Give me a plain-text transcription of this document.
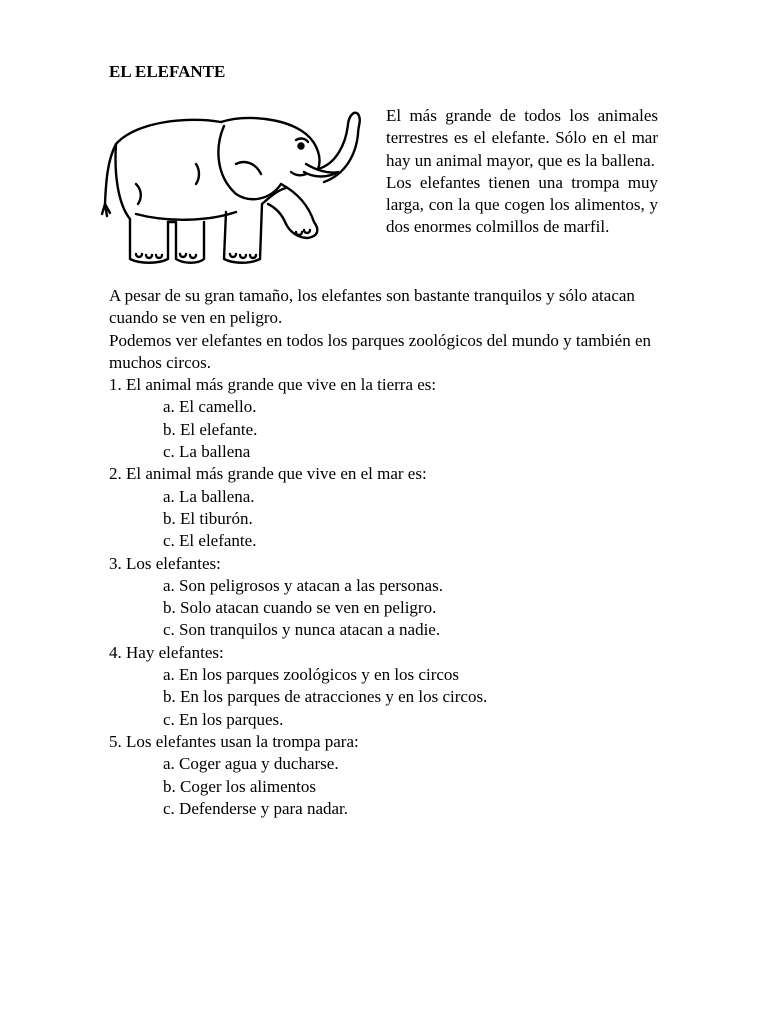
EL ELEFANTE

El más grande de todos los animales terrestres es el elefante. Sólo en el mar hay un animal mayor, que es la ballena.

Los elefantes tienen una trompa muy larga, con la que cogen los alimentos, y dos enormes colmillos de marfil.

A pesar de su gran tamaño, los elefantes son bastante tranquilos y sólo atacan cuando se ven en peligro.

Podemos ver elefantes en todos los parques zoológicos del mundo y también en muchos circos.

1. El animal más grande que vive en la tierra es:

a. El camello.

b. El elefante.

c. La ballena

2. El animal más grande que vive en el mar es:

a. La ballena.

b. El tiburón.

c. El elefante.

3. Los elefantes:

a. Son peligrosos y atacan a las personas.

b. Solo atacan cuando se ven en peligro.

c. Son tranquilos y nunca atacan a nadie.

4. Hay elefantes:

a. En los parques zoológicos y en los circos

b. En los parques de atracciones y en los circos.

c. En los parques.

5. Los elefantes usan la trompa para:

a. Coger agua y ducharse.

b. Coger los alimentos

c. Defenderse y para nadar.
